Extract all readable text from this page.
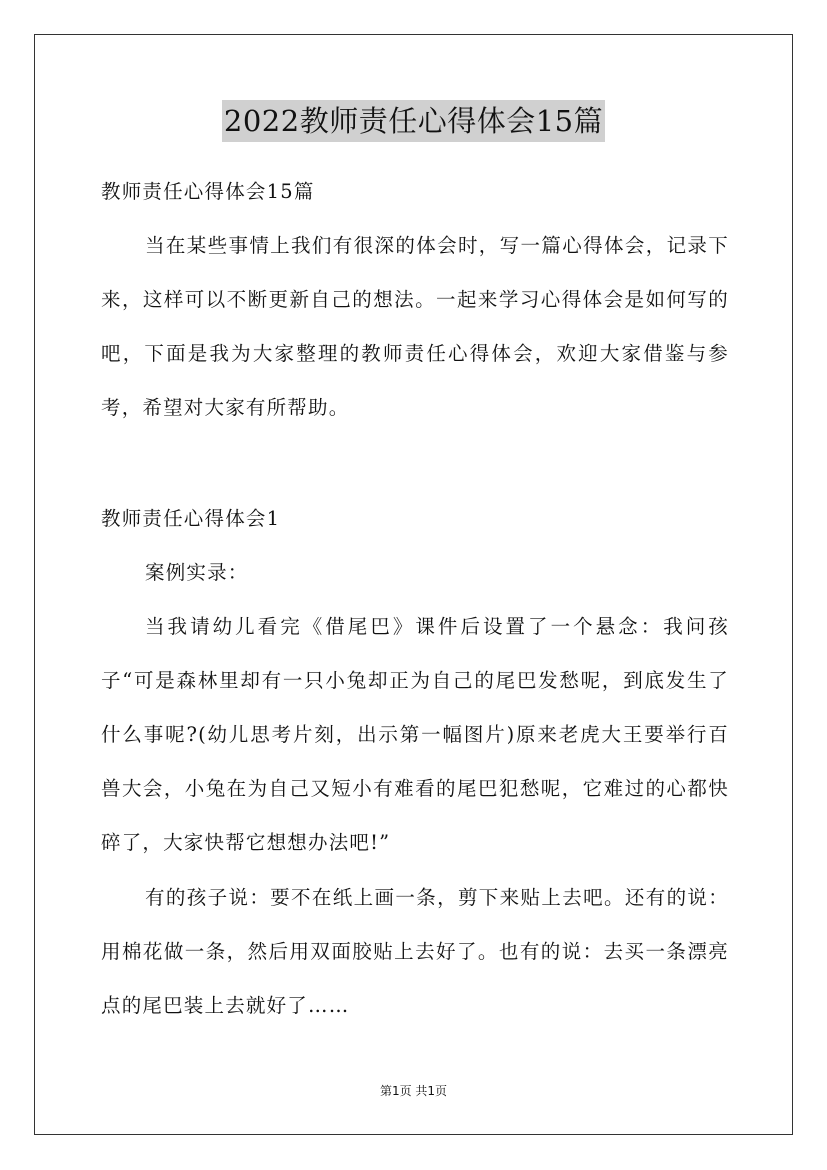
2022教师责任心得体会15篇

教师责任心得体会15篇

当在某些事情上我们有很深的体会时，写一篇心得体会，记录下来，这样可以不断更新自己的想法。一起来学习心得体会是如何写的吧，下面是我为大家整理的教师责任心得体会，欢迎大家借鉴与参考，希望对大家有所帮助。

教师责任心得体会1

案例实录：

当我请幼儿看完《借尾巴》课件后设置了一个悬念：我问孩子“可是森林里却有一只小兔却正为自己的尾巴发愁呢，到底发生了什么事呢?(幼儿思考片刻，出示第一幅图片)原来老虎大王要举行百兽大会，小兔在为自己又短小有难看的尾巴犯愁呢，它难过的心都快碎了，大家快帮它想想办法吧!”

有的孩子说：要不在纸上画一条，剪下来贴上去吧。还有的说：用棉花做一条，然后用双面胶贴上去好了。也有的说：去买一条漂亮点的尾巴装上去就好了……

第1页 共1页
